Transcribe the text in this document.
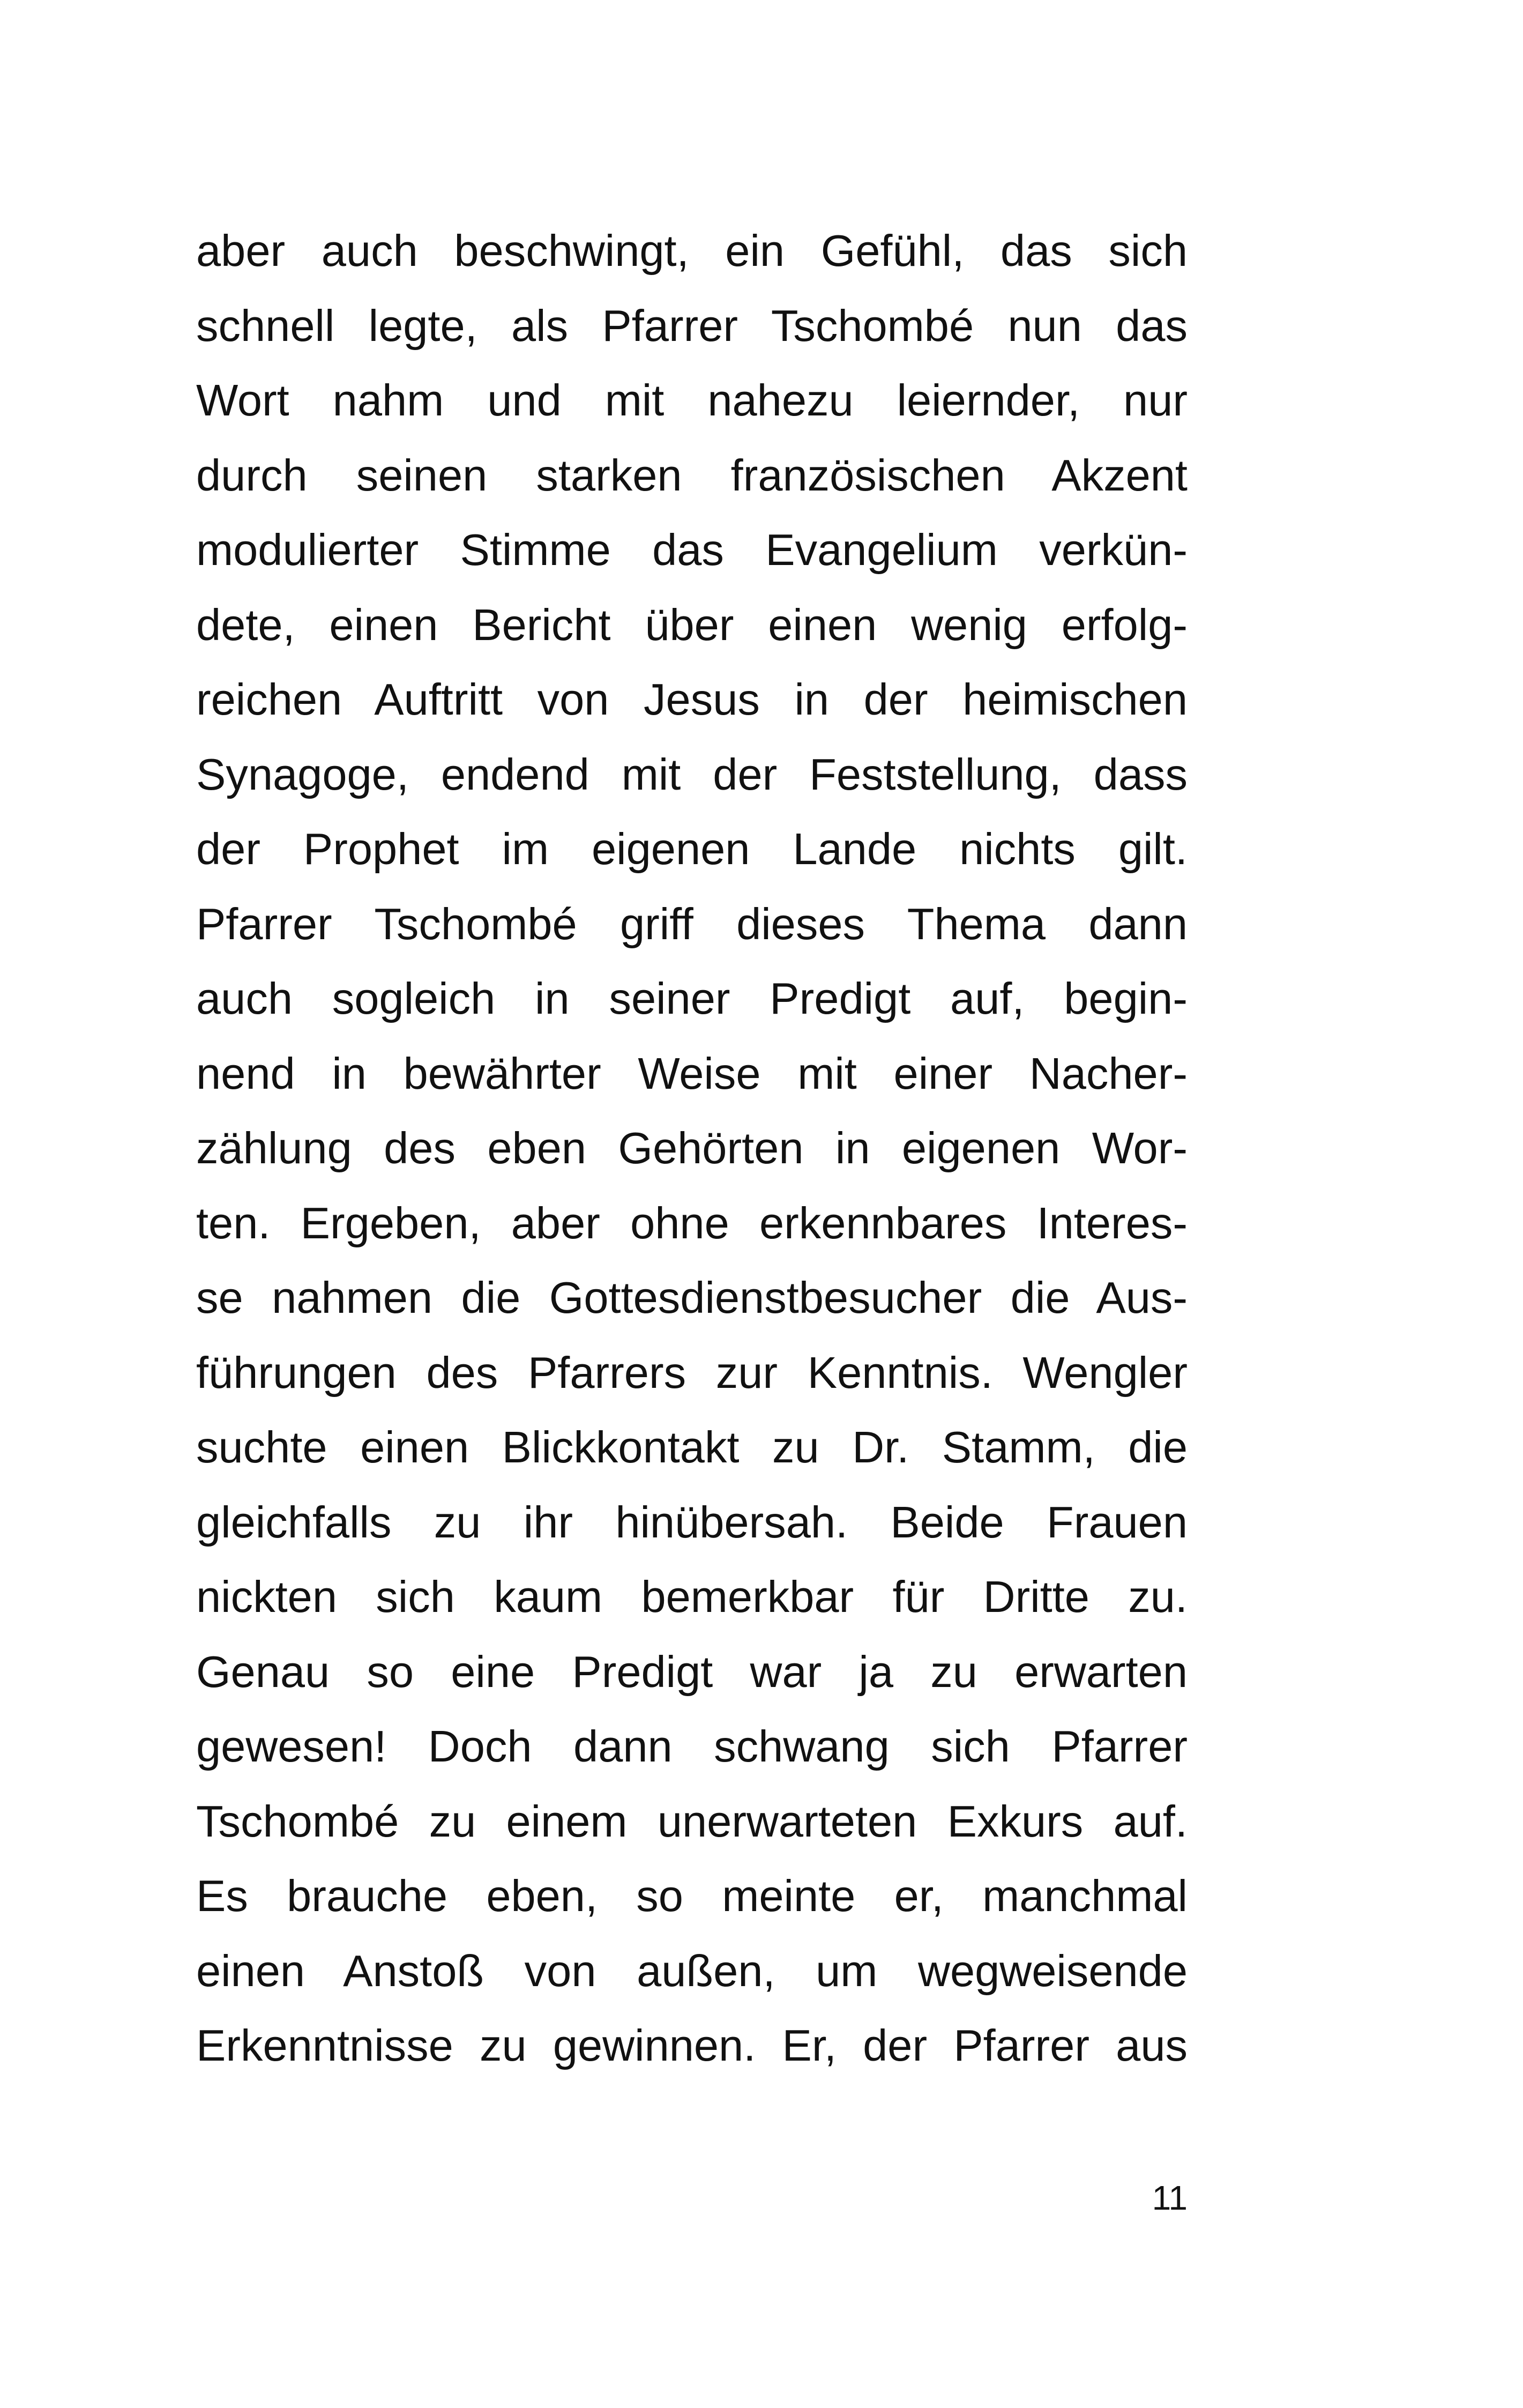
aber auch beschwingt, ein Gefühl, das sich
schnell legte, als Pfarrer Tschombé nun das
Wort nahm und mit nahezu leiernder, nur
durch seinen starken französischen Akzent
modulierter Stimme das Evangelium verkün-
dete, einen Bericht über einen wenig erfolg-
reichen Auftritt von Jesus in der heimischen
Synagoge, endend mit der Feststellung, dass
der Prophet im eigenen Lande nichts gilt.
Pfarrer Tschombé griff dieses Thema dann
auch sogleich in seiner Predigt auf, begin-
nend in bewährter Weise mit einer Nacher-
zählung des eben Gehörten in eigenen Wor-
ten. Ergeben, aber ohne erkennbares Interes-
se nahmen die Gottesdienstbesucher die Aus-
führungen des Pfarrers zur Kenntnis. Wengler
suchte einen Blickkontakt zu Dr. Stamm, die
gleichfalls zu ihr hinübersah. Beide Frauen
nickten sich kaum bemerkbar für Dritte zu.
Genau so eine Predigt war ja zu erwarten
gewesen! Doch dann schwang sich Pfarrer
Tschombé zu einem unerwarteten Exkurs auf.
Es brauche eben, so meinte er, manchmal
einen Anstoß von außen, um wegweisende
Erkenntnisse zu gewinnen. Er, der Pfarrer aus
11
